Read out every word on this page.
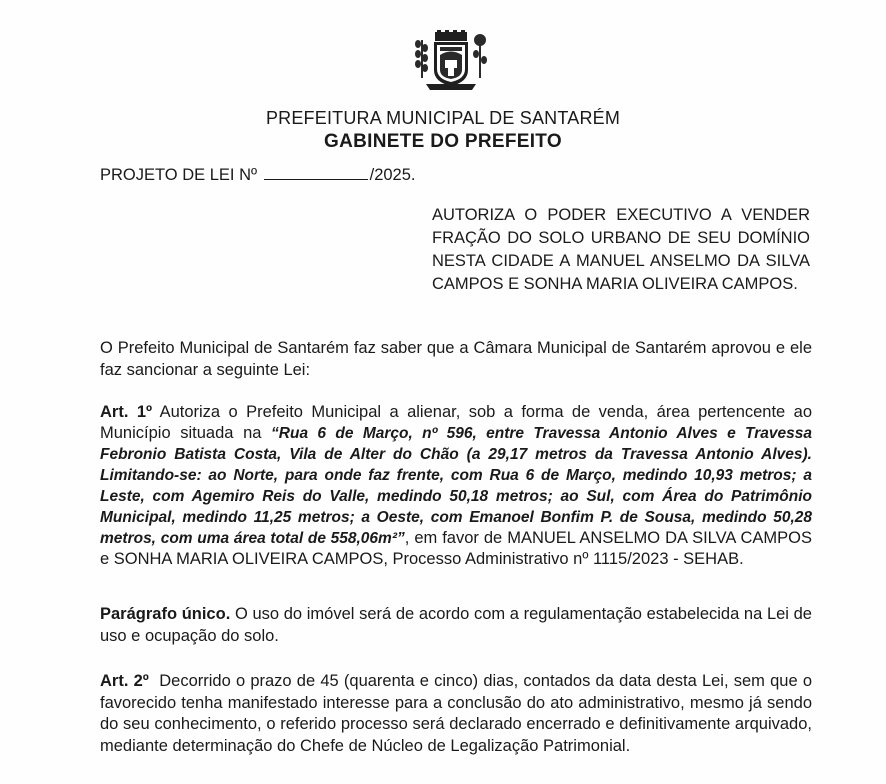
PREFEITURA MUNICIPAL DE SANTARÉM
GABINETE DO PREFEITO
PROJETO DE LEI Nº	/2025.
AUTORIZA O PODER EXECUTIVO A VENDER FRAÇÃO DO SOLO URBANO DE SEU DOMÍNIO NESTA CIDADE A MANUEL ANSELMO DA SILVA CAMPOS E SONHA MARIA OLIVEIRA CAMPOS.
O Prefeito Municipal de Santarém faz saber que a Câmara Municipal de Santarém aprovou e ele faz sancionar a seguinte Lei:
Art. 1º Autoriza o Prefeito Municipal a alienar, sob a forma de venda, área pertencente ao Município situada na “Rua 6 de Março, nº 596, entre Travessa Antonio Alves e Travessa Febronio Batista Costa, Vila de Alter do Chão (a 29,17 metros da Travessa Antonio Alves). Limitando-se: ao Norte, para onde faz frente, com Rua 6 de Março, medindo 10,93 metros; a Leste, com Agemiro Reis do Valle, medindo 50,18 metros; ao Sul, com Área do Patrimônio Municipal, medindo 11,25 metros; a Oeste, com Emanoel Bonfim P. de Sousa, medindo 50,28 metros, com uma área total de 558,06m²”, em favor de MANUEL ANSELMO DA SILVA CAMPOS e SONHA MARIA OLIVEIRA CAMPOS, Processo Administrativo nº 1115/2023 - SEHAB.
Parágrafo único. O uso do imóvel será de acordo com a regulamentação estabelecida na Lei de uso e ocupação do solo.
Art. 2º Decorrido o prazo de 45 (quarenta e cinco) dias, contados da data desta Lei, sem que o favorecido tenha manifestado interesse para a conclusão do ato administrativo, mesmo já sendo do seu conhecimento, o referido processo será declarado encerrado e definitivamente arquivado, mediante determinação do Chefe de Núcleo de Legalização Patrimonial.
